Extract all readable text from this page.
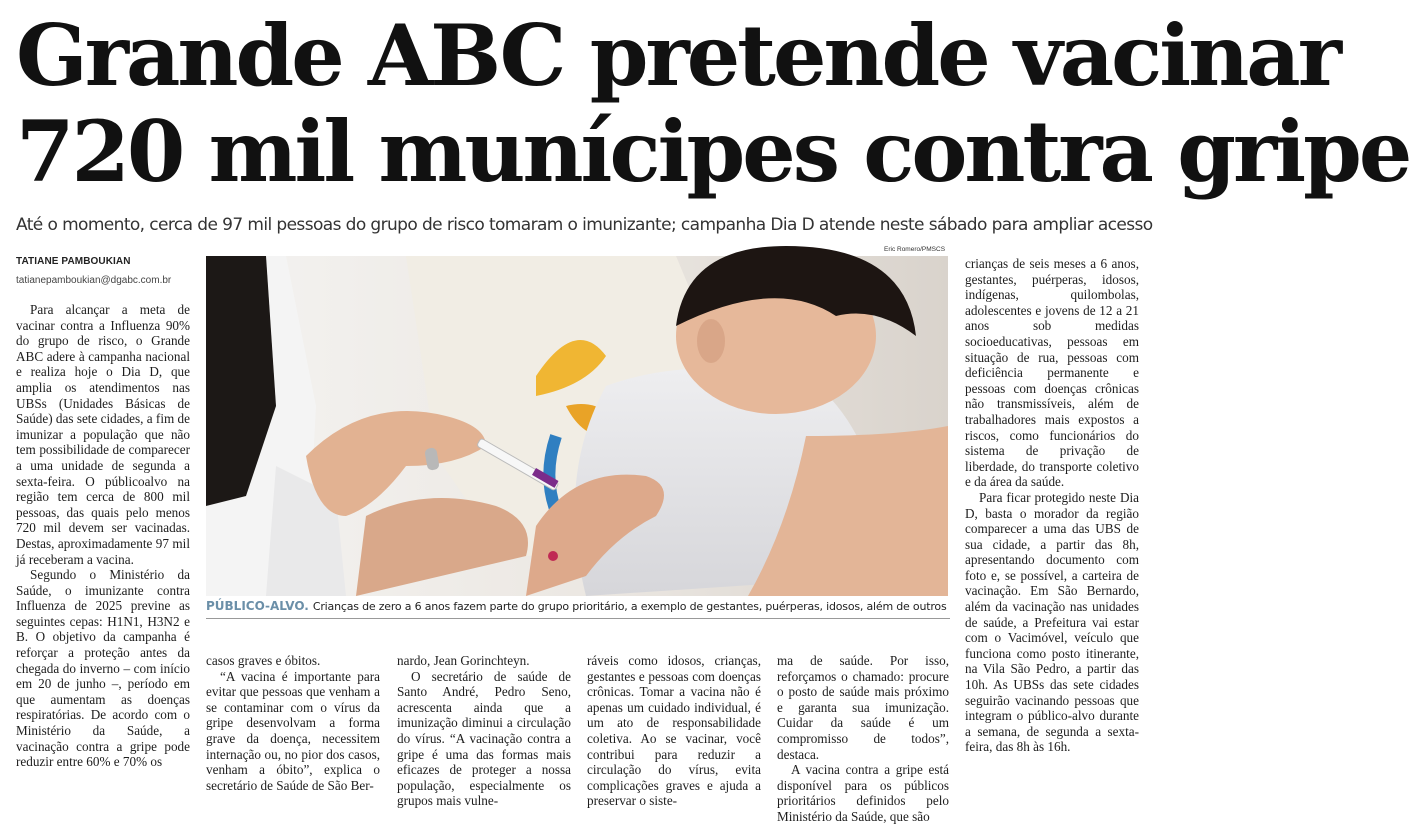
Grande ABC pretende vacinar
720 mil munícipes contra gripe
Até o momento, cerca de 97 mil pessoas do grupo de risco tomaram o imunizante; campanha Dia D atende neste sábado para ampliar acesso
TATIANE PAMBOUKIAN
tatianepamboukian@dgabc.com.br

Para alcançar a meta de vacinar contra a Influenza 90% do grupo de risco, o Grande ABC adere à campanha nacional e realiza hoje o Dia D, que amplia os atendimentos nas UBSs (Unidades Básicas de Saúde) das sete cidades, a fim de imunizar a população que não tem possibilidade de comparecer a uma unidade de segunda a sexta-feira. O públicoalvo na região tem cerca de 800 mil pessoas, das quais pelo menos 720 mil devem ser vacinadas. Destas, aproximadamente 97 mil já receberam a vacina.

Segundo o Ministério da Saúde, o imunizante contra Influenza de 2025 previne as seguintes cepas: H1N1, H3N2 e B. O objetivo da campanha é reforçar a proteção antes da chegada do inverno – com início em 20 de junho –, período em que aumentam as doenças respiratórias. De acordo com o Ministério da Saúde, a vacinação contra a gripe pode reduzir entre 60% e 70% os

Eric Romero/PMSCS
PÚBLICO-ALVO. Crianças de zero a 6 anos fazem parte do grupo prioritário, a exemplo de gestantes, puérperas, idosos, além de outros

casos graves e óbitos.

“A vacina é importante para evitar que pessoas que venham a se contaminar com o vírus da gripe desenvolvam a forma grave da doença, necessitem internação ou, no pior dos casos, venham a óbito”, explica o secretário de Saúde de São Ber-

nardo, Jean Gorinchteyn.

O secretário de saúde de Santo André, Pedro Seno, acrescenta ainda que a imunização diminui a circulação do vírus. “A vacinação contra a gripe é uma das formas mais eficazes de proteger a nossa população, especialmente os grupos mais vulne-

ráveis como idosos, crianças, gestantes e pessoas com doenças crônicas. Tomar a vacina não é apenas um cuidado individual, é um ato de responsabilidade coletiva. Ao se vacinar, você contribui para reduzir a circulação do vírus, evita complicações graves e ajuda a preservar o siste-

ma de saúde. Por isso, reforçamos o chamado: procure o posto de saúde mais próximo e garanta sua imunização. Cuidar da saúde é um compromisso de todos”, destaca.

A vacina contra a gripe está disponível para os públicos prioritários definidos pelo Ministério da Saúde, que são

crianças de seis meses a 6 anos, gestantes, puérperas, idosos, indígenas, quilombolas, adolescentes e jovens de 12 a 21 anos sob medidas socioeducativas, pessoas em situação de rua, pessoas com deficiência permanente e pessoas com doenças crônicas não transmissíveis, além de trabalhadores mais expostos a riscos, como funcionários do sistema de privação de liberdade, do transporte coletivo e da área da saúde.

Para ficar protegido neste Dia D, basta o morador da região comparecer a uma das UBS de sua cidade, a partir das 8h, apresentando documento com foto e, se possível, a carteira de vacinação. Em São Bernardo, além da vacinação nas unidades de saúde, a Prefeitura vai estar com o Vacimóvel, veículo que funciona como posto itinerante, na Vila São Pedro, a partir das 10h. As UBSs das sete cidades seguirão vacinando pessoas que integram o público-alvo durante a semana, de segunda a sexta-feira, das 8h às 16h.
